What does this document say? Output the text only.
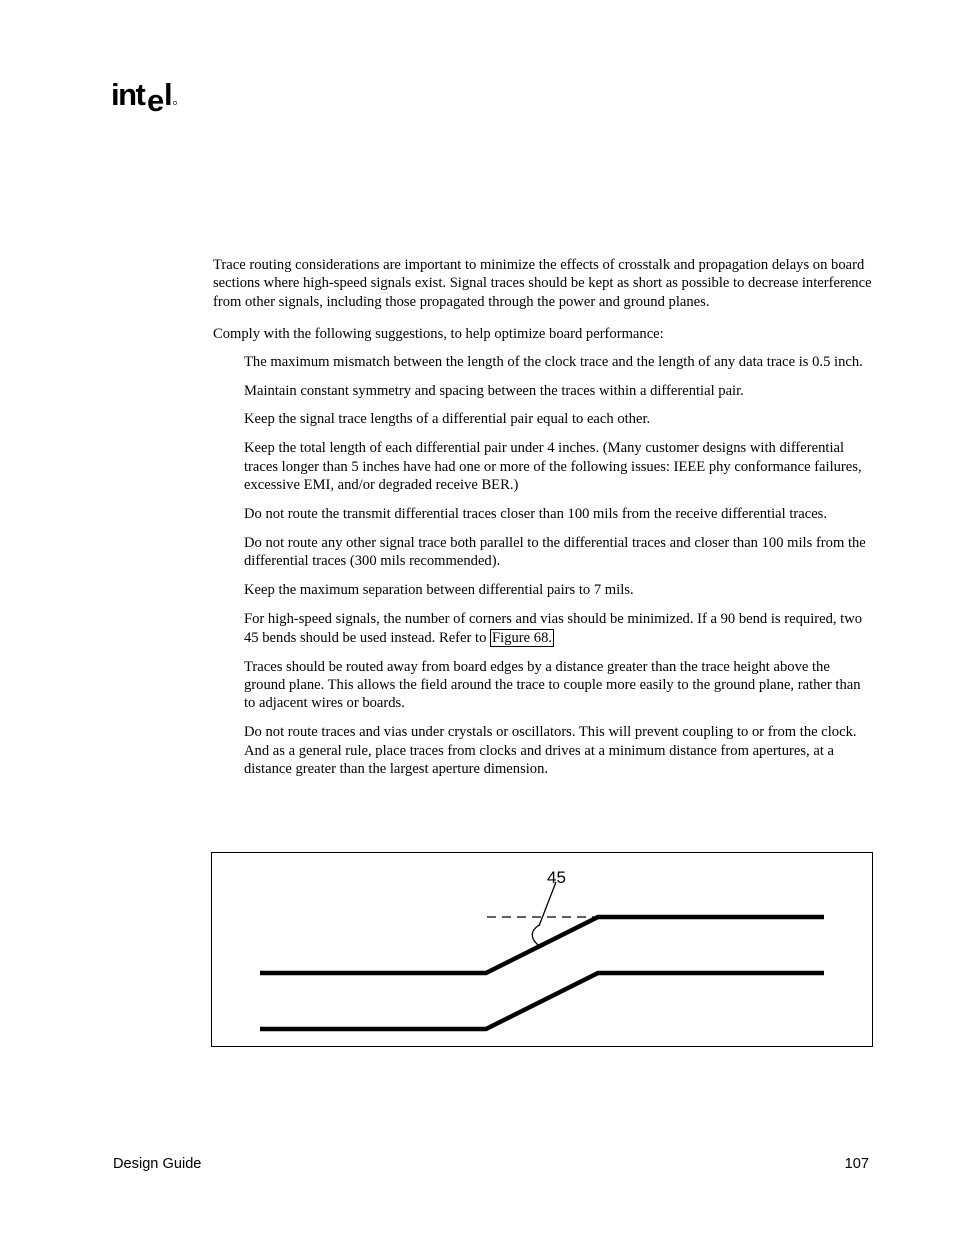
int e l

Trace routing considerations are important to minimize the effects of crosstalk and propagation delays on board sections where high-speed signals exist. Signal traces should be kept as short as possible to decrease interference from other signals, including those propagated through the power and ground planes.

Comply with the following suggestions, to help optimize board performance:

The maximum mismatch between the length of the clock trace and the length of any data trace is 0.5 inch.
Maintain constant symmetry and spacing between the traces within a differential pair.
Keep the signal trace lengths of a differential pair equal to each other.
Keep the total length of each differential pair under 4 inches. (Many customer designs with differential traces longer than 5 inches have had one or more of the following issues: IEEE phy conformance failures, excessive EMI, and/or degraded receive BER.)
Do not route the transmit differential traces closer than 100 mils from the receive differential traces.
Do not route any other signal trace both parallel to the differential traces and closer than 100 mils from the differential traces (300 mils recommended).
Keep the maximum separation between differential pairs to 7 mils.
For high-speed signals, the number of corners and vias should be minimized. If a 90 bend is required, two 45 bends should be used instead. Refer to Figure 68.
Traces should be routed away from board edges by a distance greater than the trace height above the ground plane. This allows the field around the trace to couple more easily to the ground plane, rather than to adjacent wires or boards.
Do not route traces and vias under crystals or oscillators. This will prevent coupling to or from the clock. And as a general rule, place traces from clocks and drives at a minimum distance from apertures, at a distance greater than the largest aperture dimension.
45
Design Guide	107
